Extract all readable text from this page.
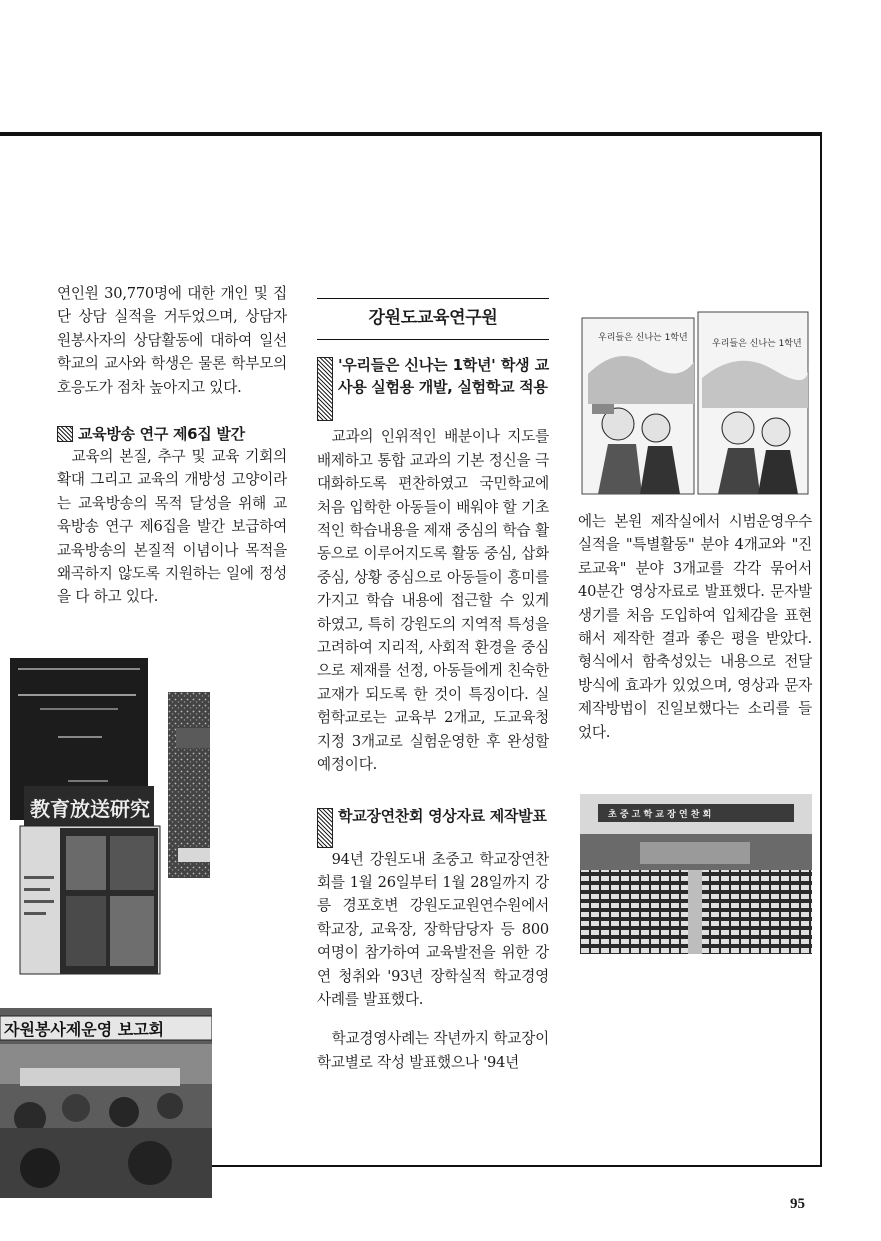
연인원 30,770명에 대한 개인 및 집단 상담 실적을 거두었으며, 상담자원봉사자의 상담활동에 대하여 일선 학교의 교사와 학생은 물론 학부모의 호응도가 점차 높아지고 있다.

교육방송 연구 제6집 발간

교육의 본질, 추구 및 교육 기회의 확대 그리고 교육의 개방성 고양이라는 교육방송의 목적 달성을 위해 교육방송 연구 제6집을 발간 보급하여 교육방송의 본질적 이념이나 목적을 왜곡하지 않도록 지원하는 일에 정성을 다 하고 있다.

教育放送研究
자원봉사제운영 보고회
강원도교육연구원
'우리들은 신나는 1학년' 학생 교사용 실험용 개발, 실험학교 적용

교과의 인위적인 배분이나 지도를 배제하고 통합 교과의 기본 정신을 극대화하도록 편찬하였고 국민학교에 처음 입학한 아동들이 배워야 할 기초적인 학습내용을 제재 중심의 학습 활동으로 이루어지도록 활동 중심, 삽화 중심, 상황 중심으로 아동들이 흥미를 가지고 학습 내용에 접근할 수 있게 하였고, 특히 강원도의 지역적 특성을 고려하여 지리적, 사회적 환경을 중심으로 제재를 선정, 아동들에게 친숙한 교재가 되도록 한 것이 특징이다. 실험학교로는 교육부 2개교, 도교육청지정 3개교로 실험운영한 후 완성할 예정이다.

학교장연찬회 영상자료 제작발표

94년 강원도내 초중고 학교장연찬회를 1월 26일부터 1월 28일까지 강릉 경포호변 강원도교원연수원에서 학교장, 교육장, 장학담당자 등 800여명이 참가하여 교육발전을 위한 강연 청취와 '93년 장학실적 학교경영사례를 발표했다.

학교경영사례는 작년까지 학교장이 학교별로 작성 발표했으나 '94년

우리들은 신나는 1학년
우리들은 신나는 1학년

에는 본원 제작실에서 시범운영우수실적을 "특별활동" 분야 4개교와 "진로교육" 분야 3개교를 각각 묶어서 40분간 영상자료로 발표했다. 문자발생기를 처음 도입하여 입체감을 표현해서 제작한 결과 좋은 평을 받았다. 형식에서 함축성있는 내용으로 전달방식에 효과가 있었으며, 영상과 문자제작방법이 진일보했다는 소리를 들었다.

초 중 고 학 교 장 연 찬 회
95
